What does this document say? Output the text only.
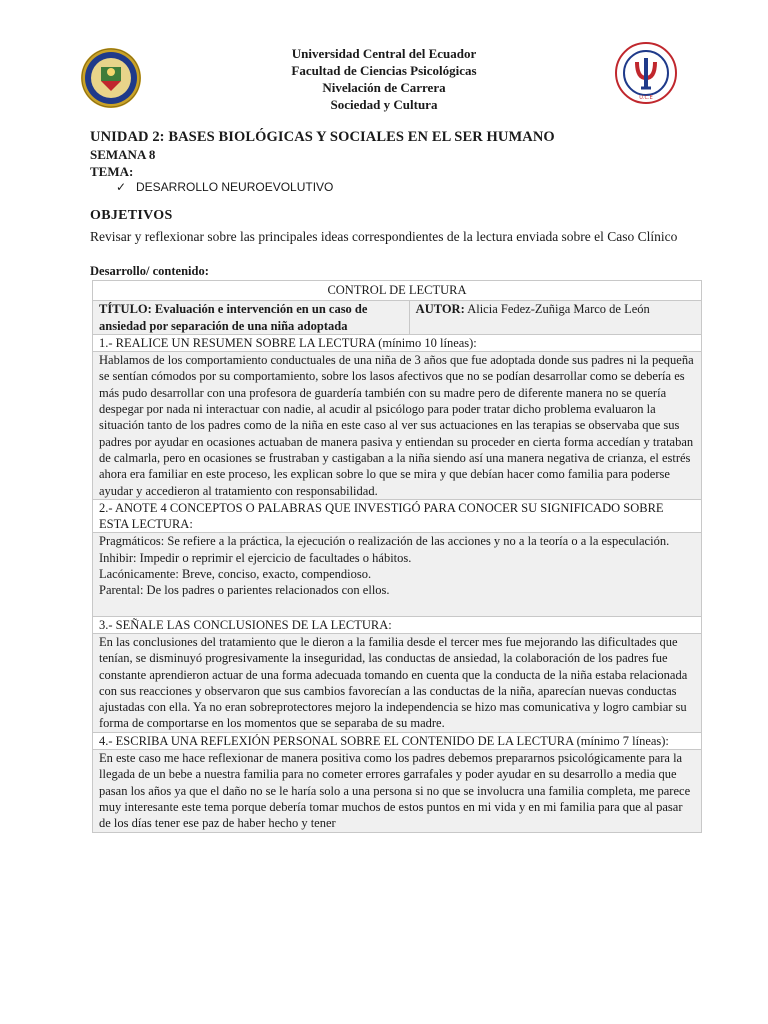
Universidad Central del Ecuador
Facultad de Ciencias Psicológicas
Nivelación de Carrera
Sociedad y Cultura	U.C.E
UNIDAD 2: BASES BIOLÓGICAS Y SOCIALES EN EL SER HUMANO
SEMANA 8
TEMA:
✓ DESARROLLO NEUROEVOLUTIVO
OBJETIVOS
Revisar y reflexionar sobre las principales ideas correspondientes de la lectura enviada sobre el Caso Clínico
Desarrollo/ contenido:
CONTROL DE LECTURA
TÍTULO: Evaluación e intervención en un caso de ansiedad por separación de una niña adoptada	AUTOR: Alicia Fedez-Zuñiga Marco de León
1.- REALICE UN RESUMEN SOBRE LA LECTURA (mínimo 10 líneas):
Hablamos de los comportamiento conductuales de una niña de 3 años que fue adoptada donde sus padres ni la pequeña se sentían cómodos por su comportamiento, sobre los lasos afectivos que no se podían desarrollar como se debería es más pudo desarrollar con una profesora de guardería también con su madre pero de diferente manera no se quería despegar por nada ni interactuar con nadie, al acudir al psicólogo para poder tratar dicho problema evaluaron la situación tanto de los padres como de la niña en este caso al ver sus actuaciones en las terapias se observaba que sus padres por ayudar en ocasiones actuaban de manera pasiva y entiendan su proceder en cierta forma accedían y trataban de calmarla, pero en ocasiones se frustraban y castigaban a la niña siendo así una manera negativa de crianza, el estrés ahora era familiar en este proceso, les explican sobre lo que se mira y que debían hacer como familia para poderse ayudar y accedieron al tratamiento con responsabilidad.
2.- ANOTE 4 CONCEPTOS O PALABRAS QUE INVESTIGÓ PARA CONOCER SU SIGNIFICADO SOBRE ESTA LECTURA:

Pragmáticos: Se refiere a la práctica, la ejecución o realización de las acciones y no a la teoría o a la especulación.
Inhibir: Impedir o reprimir el ejercicio de facultades o hábitos.
Lacónicamente: Breve, conciso, exacto, compendioso.
Parental: De los padres o parientes relacionados con ellos.

3.- SEÑALE LAS CONCLUSIONES DE LA LECTURA:
En las conclusiones del tratamiento que le dieron a la familia desde el tercer mes fue mejorando las dificultades que tenían, se disminuyó progresivamente la inseguridad, las conductas de ansiedad, la colaboración de los padres fue constante aprendieron actuar de una forma adecuada tomando en cuenta que la conducta de la niña estaba relacionada con sus reacciones y observaron que sus cambios favorecían a las conductas de la niña, aparecían nuevas conductas ajustadas con ella. Ya no eran sobreprotectores mejoro la independencia se hizo mas comunicativa y logro cambiar su forma de comportarse en los momentos que se separaba de su madre.
4.- ESCRIBA UNA REFLEXIÓN PERSONAL SOBRE EL CONTENIDO DE LA LECTURA (mínimo 7 líneas):
En este caso me hace reflexionar de manera positiva como los padres debemos prepararnos psicológicamente para la llegada de un bebe a nuestra familia para no cometer errores garrafales y poder ayudar en su desarrollo a media que pasan los años ya que el daño no se le haría solo a una persona si no que se involucra una familia completa, me parece muy interesante este tema porque debería tomar muchos de estos puntos en mi vida y en mi familia para que al pasar de los días tener ese paz de haber hecho y tener
